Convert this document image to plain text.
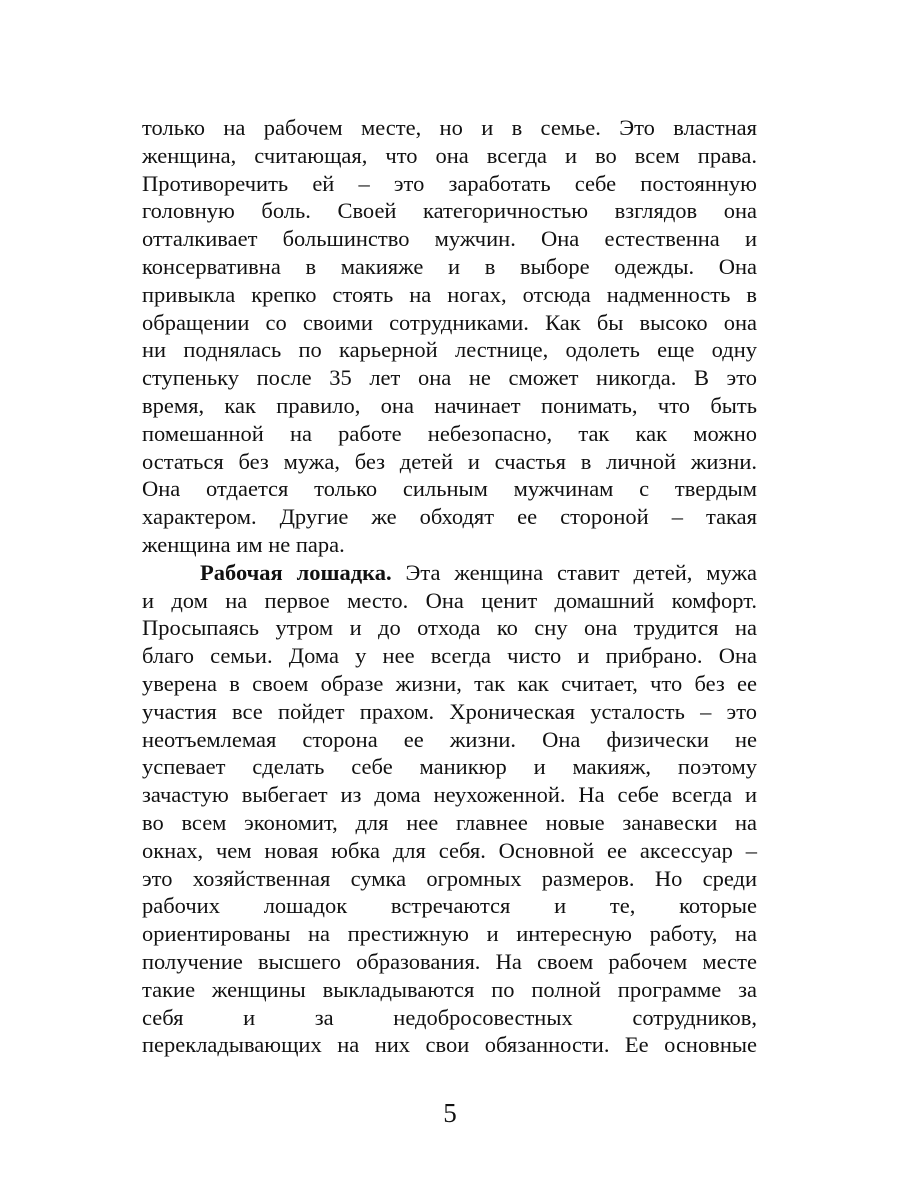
только на рабочем месте, но и в семье. Это властная
женщина, считающая, что она всегда и во всем права.
Противоречить ей – это заработать себе постоянную
головную боль. Своей категоричностью взглядов она
отталкивает большинство мужчин. Она естественна и
консервативна в макияже и в выборе одежды. Она
привыкла крепко стоять на ногах, отсюда надменность в
обращении со своими сотрудниками. Как бы высоко она
ни поднялась по карьерной лестнице, одолеть еще одну
ступеньку после 35 лет она не сможет никогда. В это
время, как правило, она начинает понимать, что быть
помешанной на работе небезопасно, так как можно
остаться без мужа, без детей и счастья в личной жизни.
Она отдается только сильным мужчинам с твердым
характером. Другие же обходят ее стороной – такая
женщина им не пара.
Рабочая лошадка. Эта женщина ставит детей, мужа
и дом на первое место. Она ценит домашний комфорт.
Просыпаясь утром и до отхода ко сну она трудится на
благо семьи. Дома у нее всегда чисто и прибрано. Она
уверена в своем образе жизни, так как считает, что без ее
участия все пойдет прахом. Хроническая усталость – это
неотъемлемая сторона ее жизни. Она физически не
успевает сделать себе маникюр и макияж, поэтому
зачастую выбегает из дома неухоженной. На себе всегда и
во всем экономит, для нее главнее новые занавески на
окнах, чем новая юбка для себя. Основной ее аксессуар –
это хозяйственная сумка огромных размеров. Но среди
рабочих лошадок встречаются и те, которые
ориентированы на престижную и интересную работу, на
получение высшего образования. На своем рабочем месте
такие женщины выкладываются по полной программе за
себя и за недобросовестных сотрудников,
перекладывающих на них свои обязанности. Ее основные
5
